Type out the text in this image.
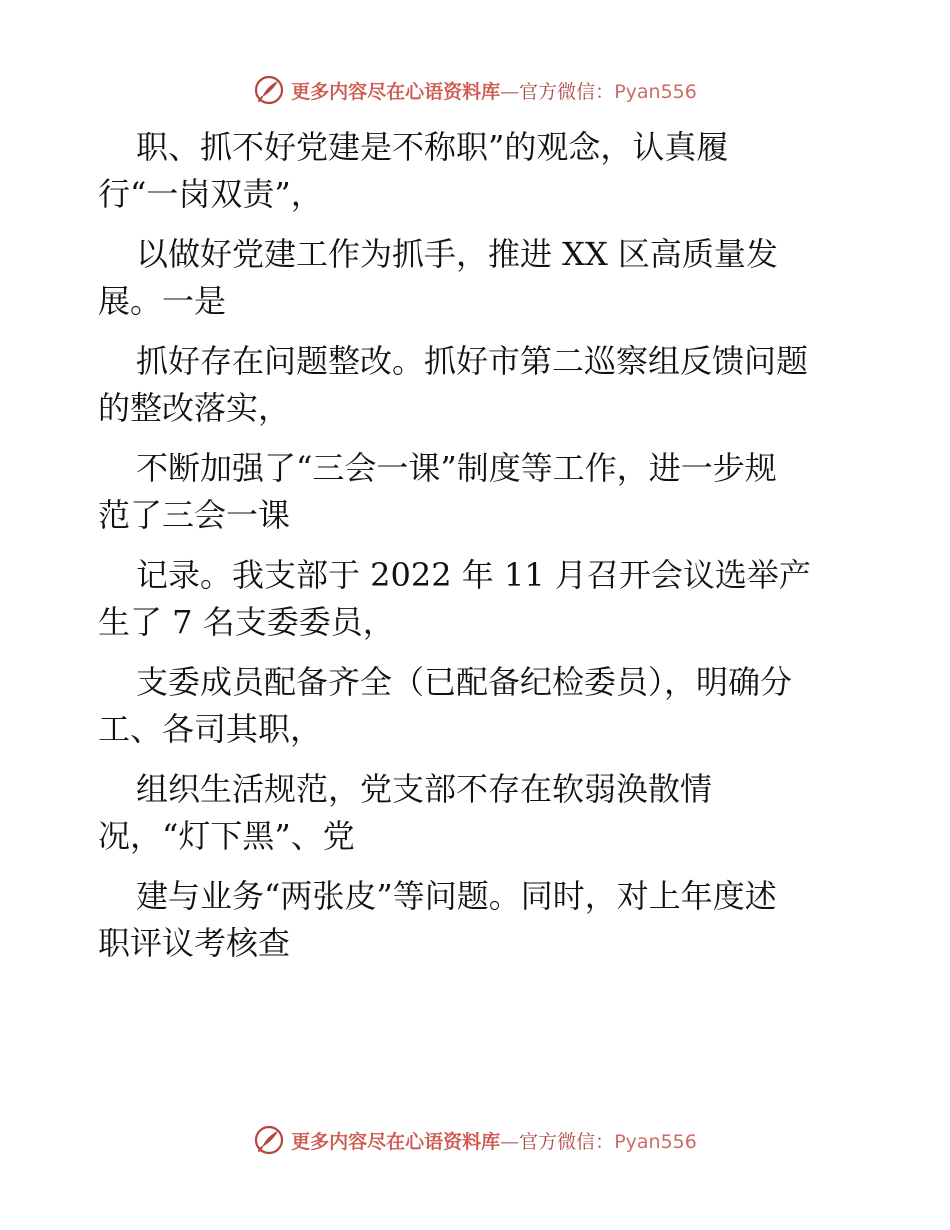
更多内容尽在心语资料库—官方微信：Pyan556
职、抓不好党建是不称职”的观念，认真履
行“一岗双责”，
以做好党建工作为抓手，推进 XX 区高质量发
展。一是
抓好存在问题整改。抓好市第二巡察组反馈问题
的整改落实，
不断加强了“三会一课”制度等工作，进一步规
范了三会一课
记录。我支部于 2022 年 11 月召开会议选举产
生了 7 名支委委员，
支委成员配备齐全（已配备纪检委员），明确分
工、各司其职，
组织生活规范，党支部不存在软弱涣散情
况，“灯下黑”、党
建与业务“两张皮”等问题。同时，对上年度述
职评议考核查
更多内容尽在心语资料库—官方微信：Pyan556
